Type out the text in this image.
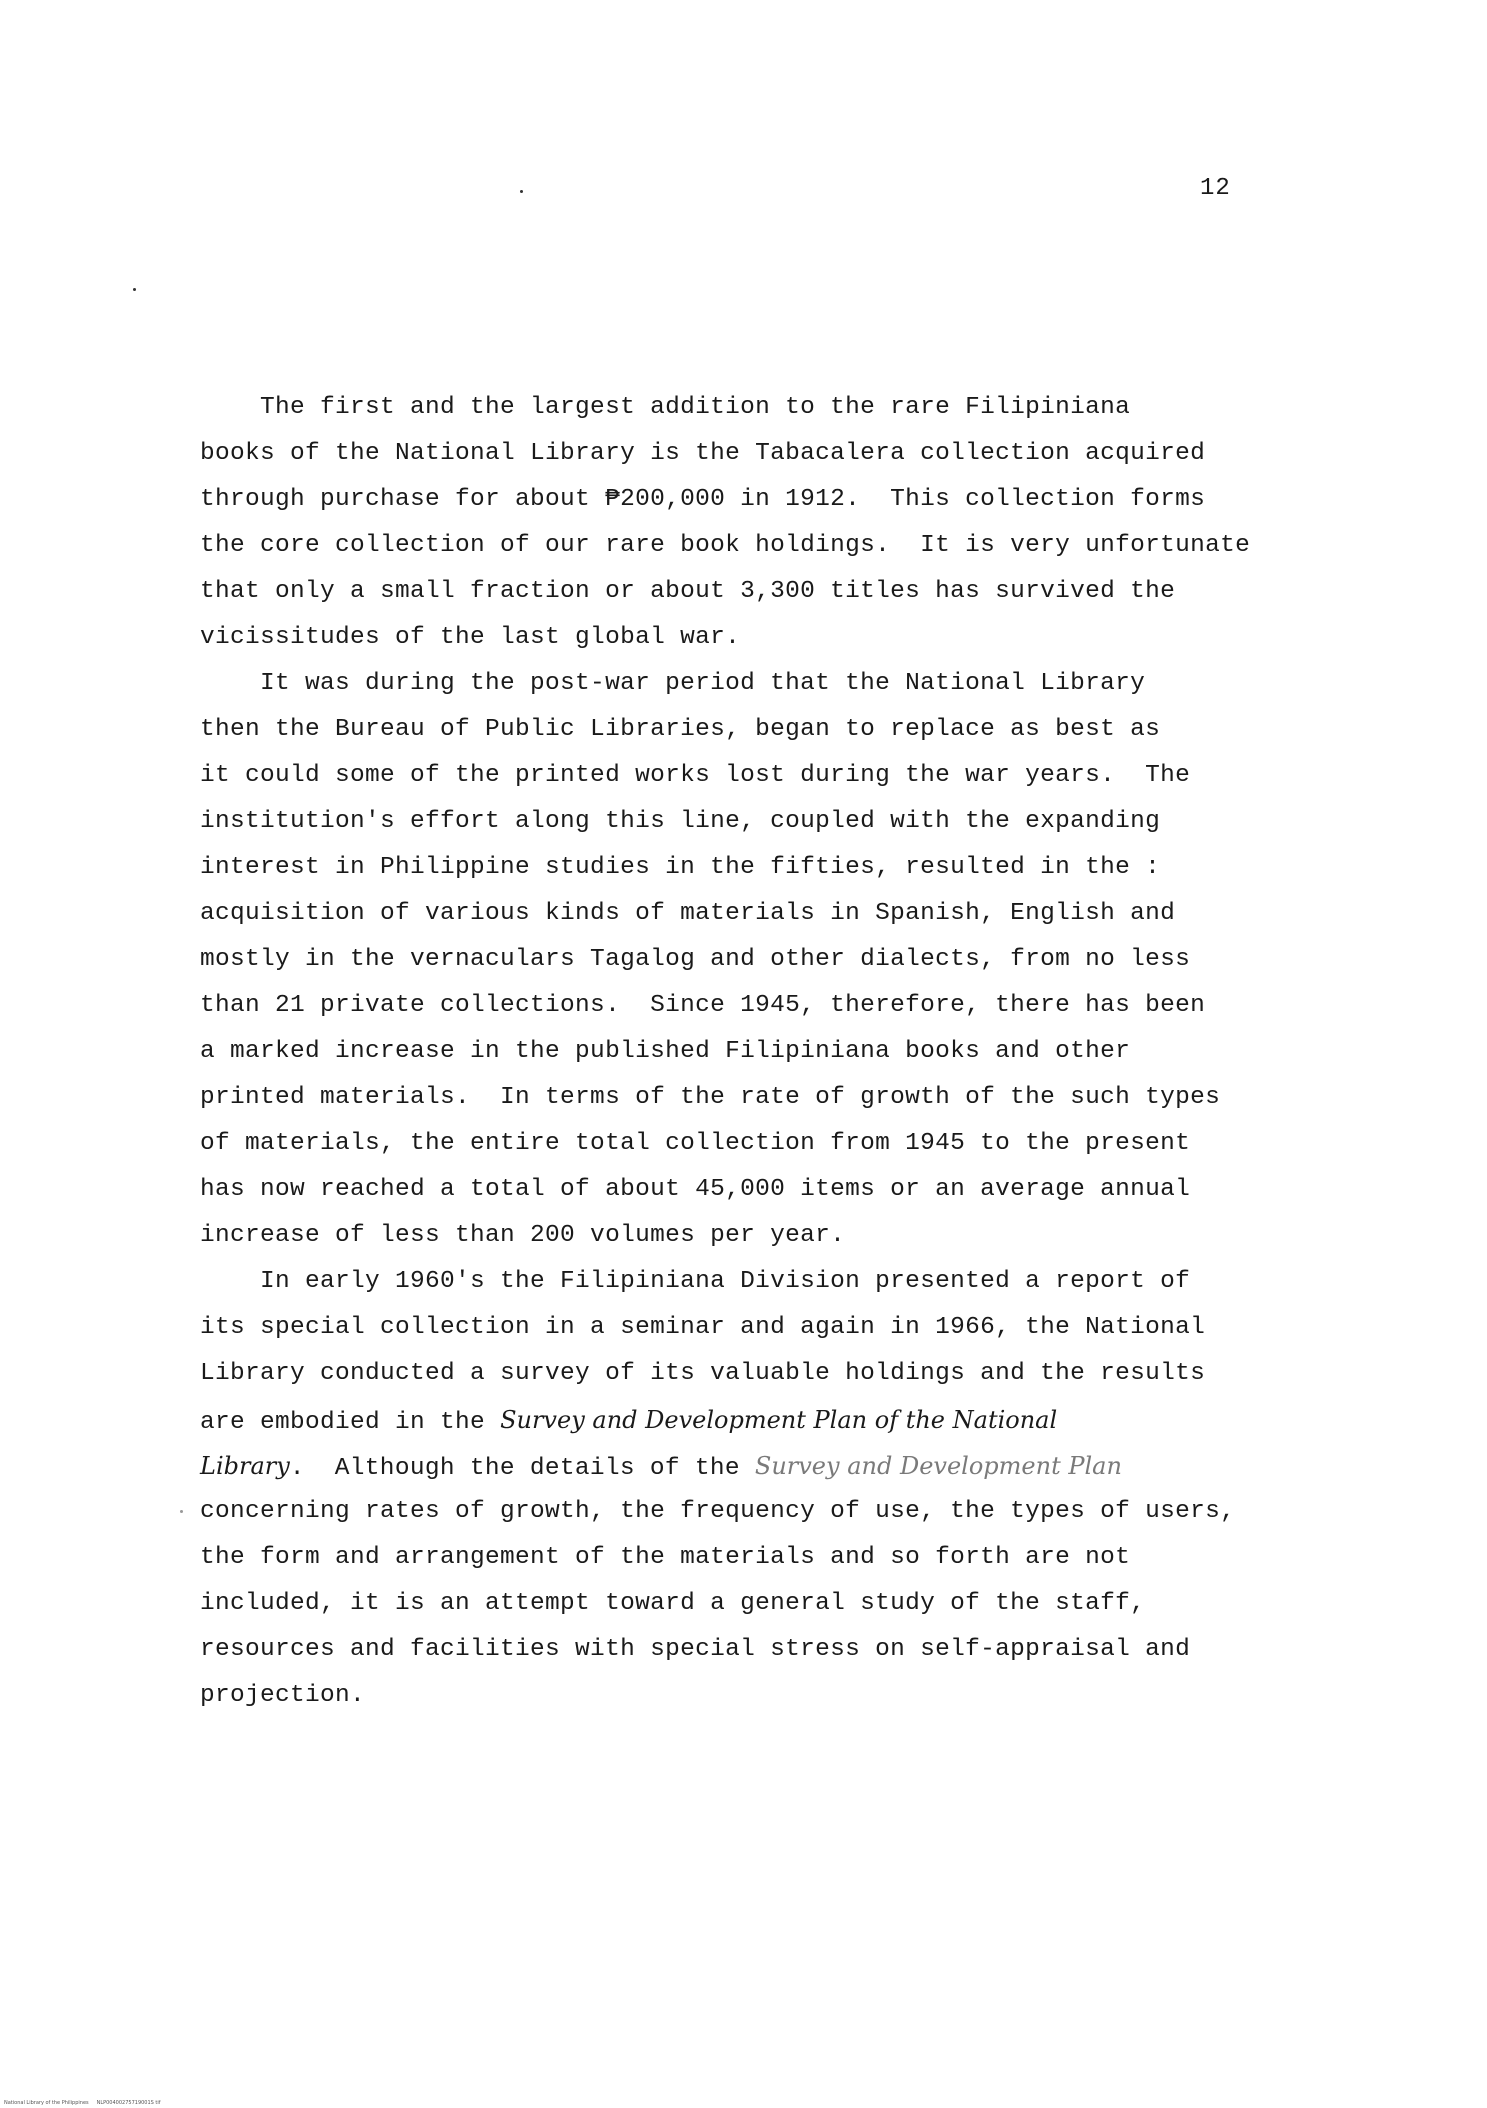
12
The first and the largest addition to the rare Filipiniana
books of the National Library is the Tabacalera collection acquired
through purchase for about ₱200,000 in 1912.  This collection forms
the core collection of our rare book holdings.  It is very unfortunate
that only a small fraction or about 3,300 titles has survived the
vicissitudes of the last global war.
It was during the post-war period that the National Library
then the Bureau of Public Libraries, began to replace as best as
it could some of the printed works lost during the war years.  The
institution's effort along this line, coupled with the expanding
interest in Philippine studies in the fifties, resulted in the :
acquisition of various kinds of materials in Spanish, English and
mostly in the vernaculars Tagalog and other dialects, from no less
than 21 private collections.  Since 1945, therefore, there has been
a marked increase in the published Filipiniana books and other
printed materials.  In terms of the rate of growth of the such types
of materials, the entire total collection from 1945 to the present
has now reached a total of about 45,000 items or an average annual
increase of less than 200 volumes per year.
In early 1960's the Filipiniana Division presented a report of
its special collection in a seminar and again in 1966, the National
Library conducted a survey of its valuable holdings and the results
are embodied in the Survey and Development Plan of the National
Library.  Although the details of the Survey and Development Plan
concerning rates of growth, the frequency of use, the types of users,
the form and arrangement of the materials and so forth are not
included, it is an attempt toward a general study of the staff,
resources and facilities with special stress on self-appraisal and
projection.
National Library of the Philippines     NLP00400275719001S tif
